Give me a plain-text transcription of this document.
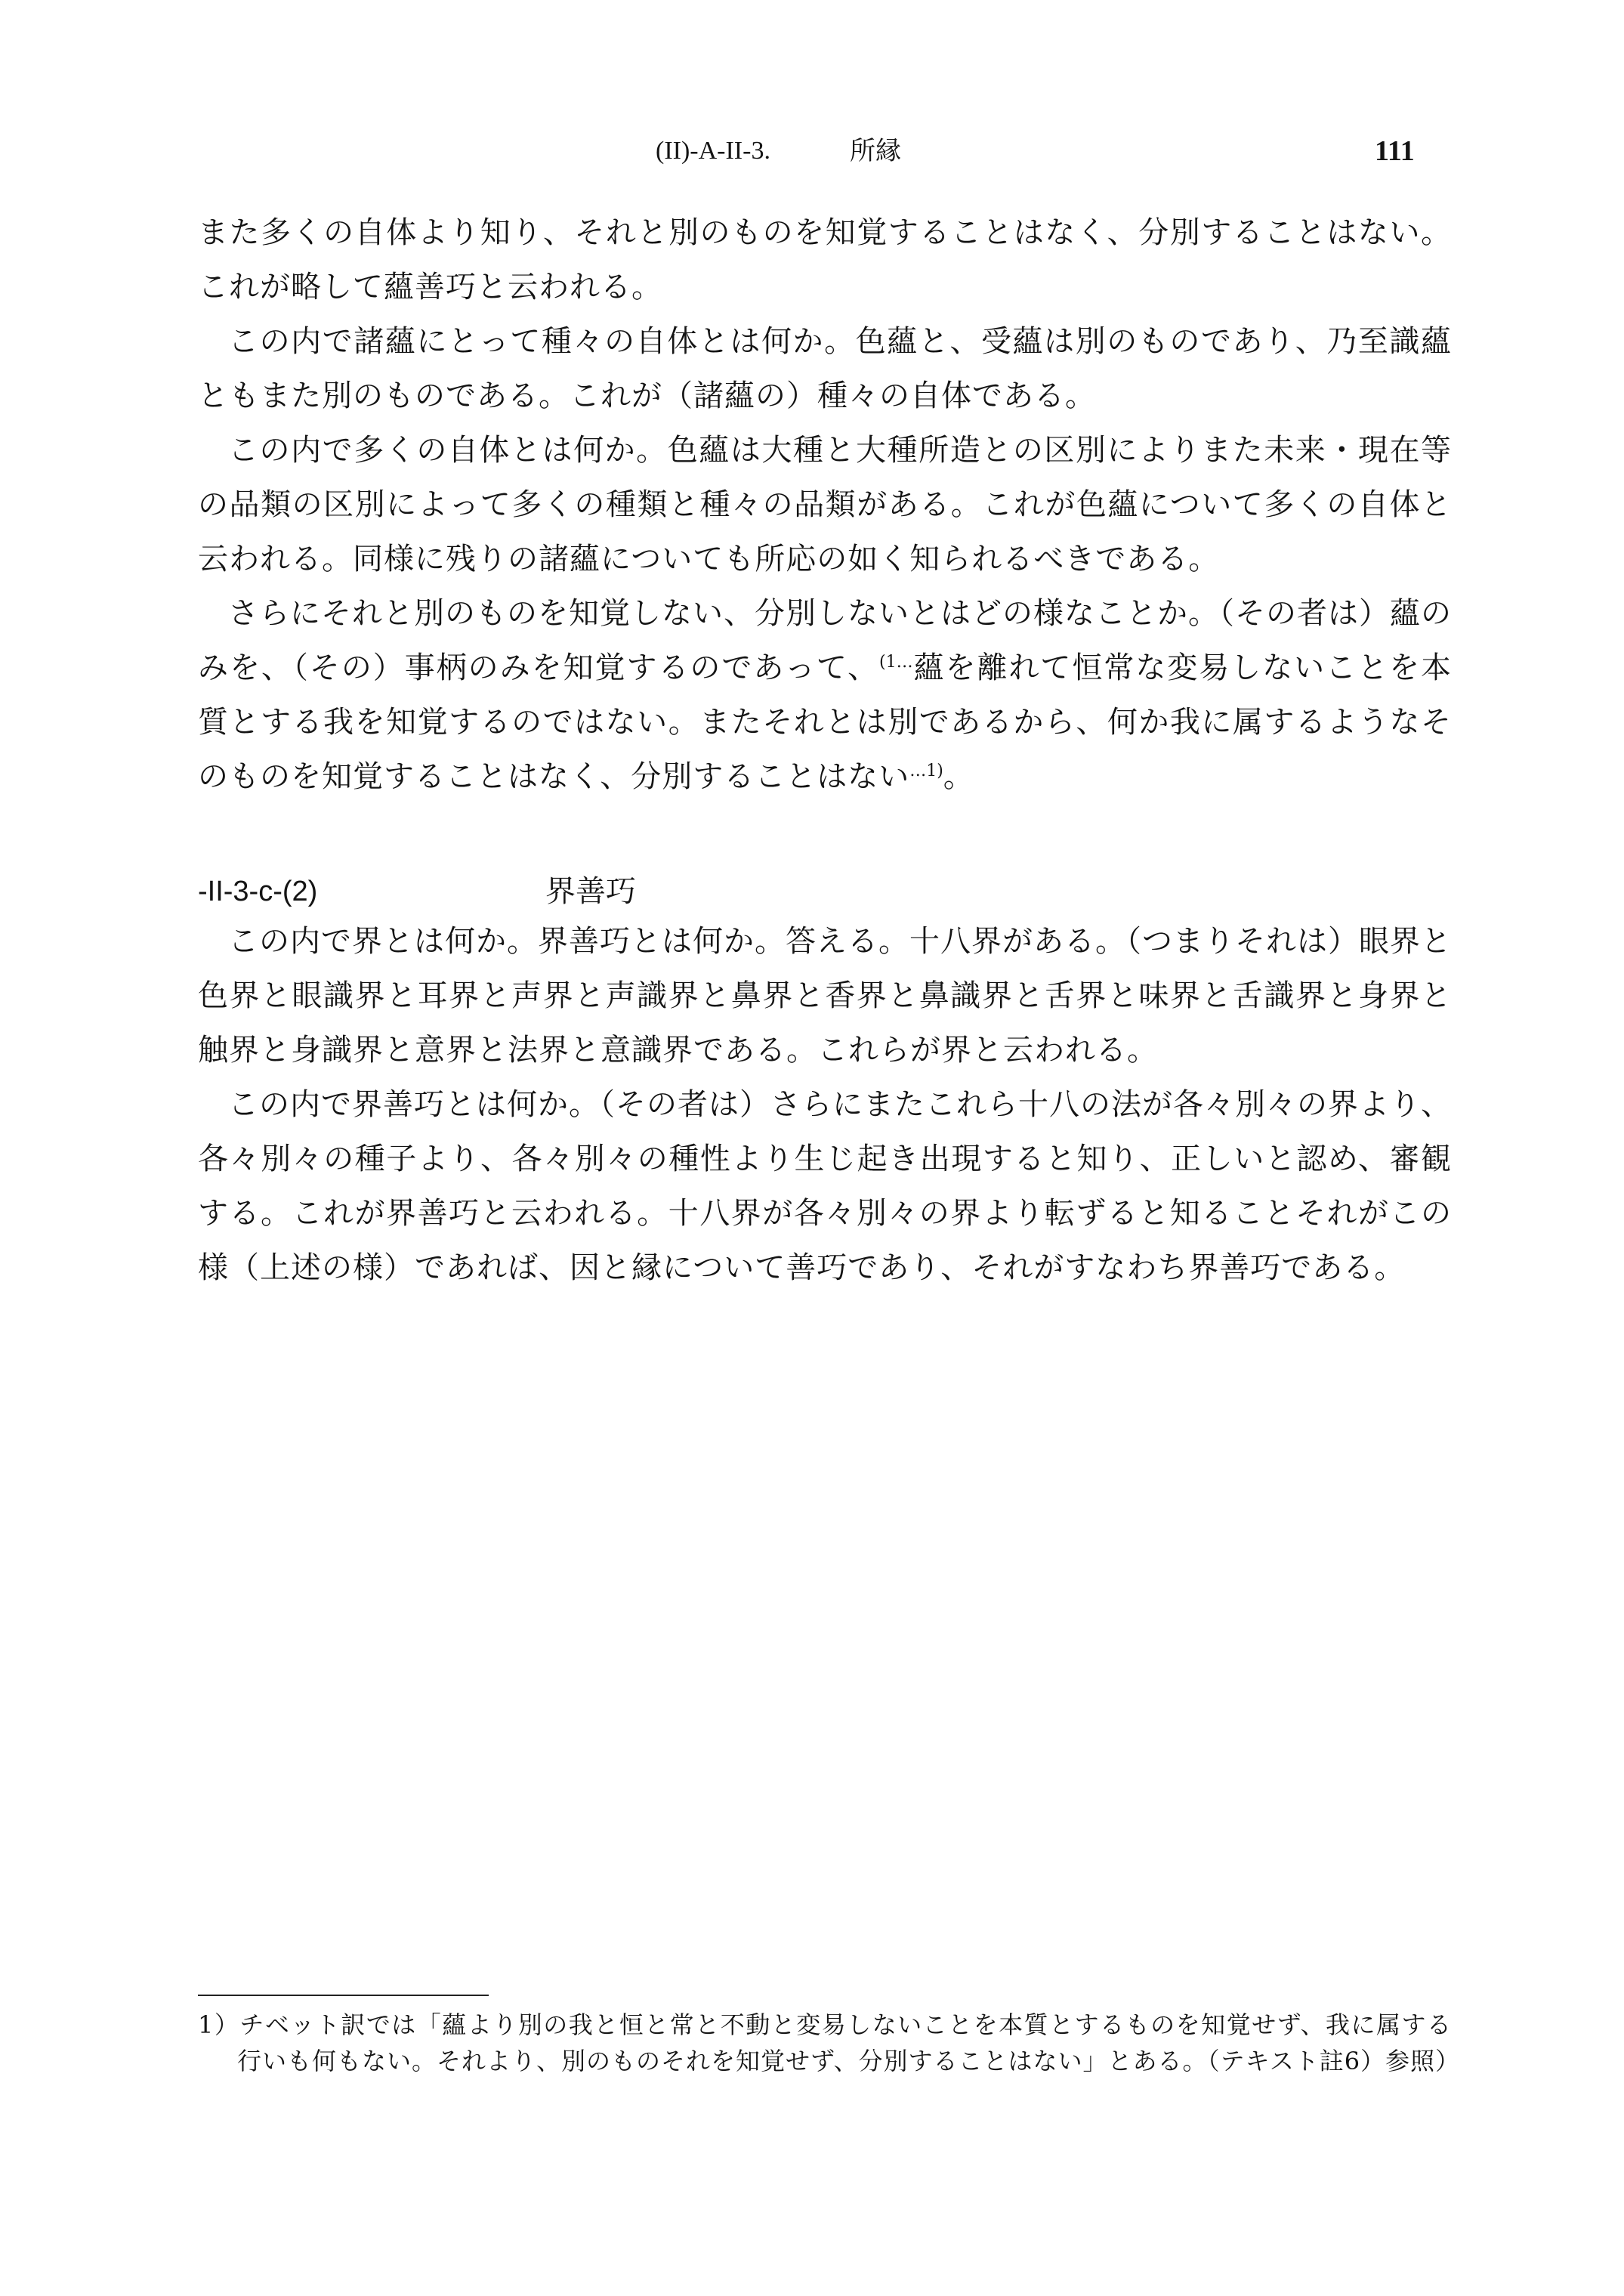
(II)-A-II-3.	所縁	111

また多くの自体より知り、それと別のものを知覚することはなく、分別することはない。これが略して蘊善巧と云われる。

この内で諸蘊にとって種々の自体とは何か。色蘊と、受蘊は別のものであり、乃至識蘊ともまた別のものである。これが（諸蘊の）種々の自体である。

この内で多くの自体とは何か。色蘊は大種と大種所造との区別によりまた未来・現在等の品類の区別によって多くの種類と種々の品類がある。これが色蘊について多くの自体と云われる。同様に残りの諸蘊についても所応の如く知られるべきである。

さらにそれと別のものを知覚しない、分別しないとはどの様なことか。（その者は）蘊のみを、（その）事柄のみを知覚するのであって、$^{(1\dots}$蘊を離れて恒常な変易しないことを本質とする我を知覚するのではない。またそれとは別であるから、何か我に属するようなそのものを知覚することはなく、分別することはない$^{\dots 1)}$。

-II-3-c-(2)	界善巧

この内で界とは何か。界善巧とは何か。答える。十八界がある。（つまりそれは）眼界と色界と眼識界と耳界と声界と声識界と鼻界と香界と鼻識界と舌界と味界と舌識界と身界と触界と身識界と意界と法界と意識界である。これらが界と云われる。

この内で界善巧とは何か。（その者は）さらにまたこれら十八の法が各々別々の界より、各々別々の種子より、各々別々の種性より生じ起き出現すると知り、正しいと認め、審観する。これが界善巧と云われる。十八界が各々別々の界より転ずると知ることそれがこの様（上述の様）であれば、因と縁について善巧であり、それがすなわち界善巧である。

1）チベット訳では「蘊より別の我と恒と常と不動と変易しないことを本質とするものを知覚せず、我に属する行いも何もない。それより、別のものそれを知覚せず、分別することはない」とある。（テキスト註6）参照）
